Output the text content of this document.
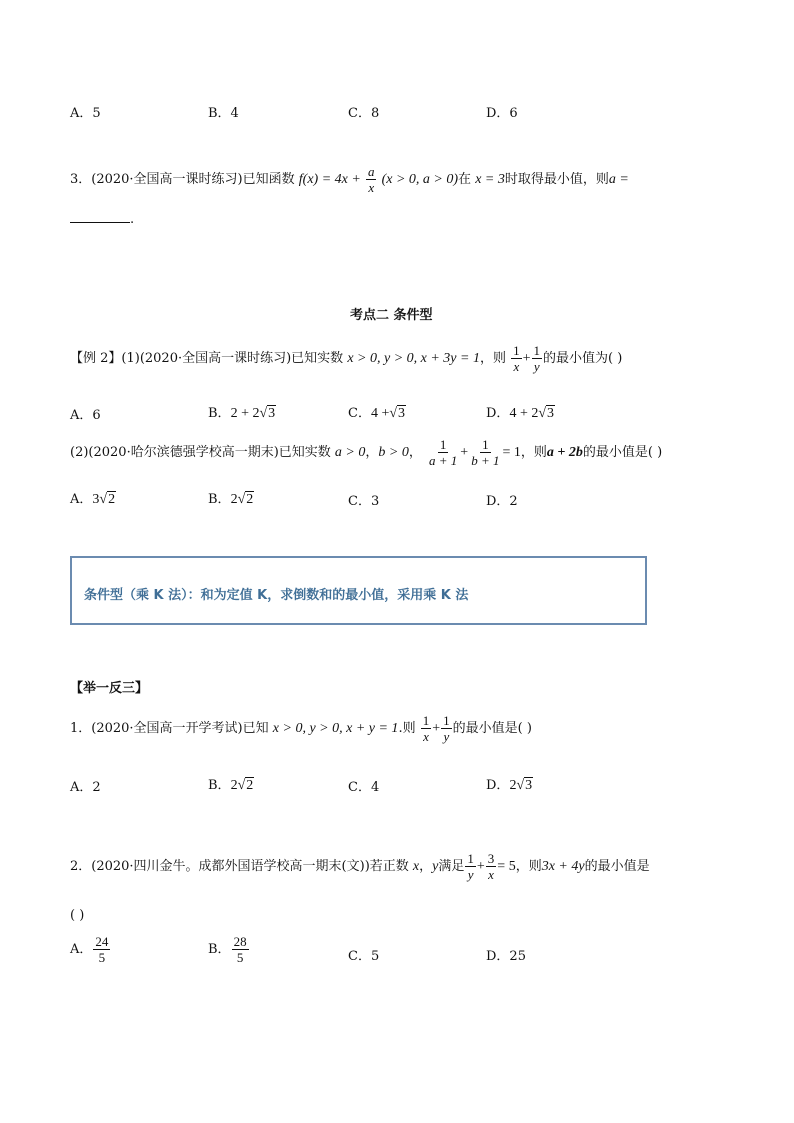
A．5	B．4	C．8	D．6
3．(2020·全国高一课时练习)已知函数 $f(x) = 4x + \frac{a}{x} (x > 0$, a > 0)在 x = 3时取得最小值，则a =
.
考点二 条件型
【例 2】(1)(2020·全国高一课时练习)已知实数 x > 0, y > 0, x + 3y = 1，则 $\frac{1}{x} + \frac{1}{y}$ 的最小值为( )
A．6	B．2 + 2√3	C．4 +√3	D．4 + 2√3
(2)(2020·哈尔滨德强学校高一期末)已知实数 a > 0，b > 0， $\frac{1}{a + 1} + \frac{1}{b + 1} = 1$，则a + 2b的最小值是( )
A．3√2	B．2√2	C．3	D．2
条件型（乘 K 法）：和为定值 K，求倒数和的最小值，采用乘 K 法
【举一反三】
1．(2020·全国高一开学考试)已知 x > 0, y > 0, x + y = 1.则 $\frac{1}{x} + \frac{1}{y}$ 的最小值是( )
A．2	B．2√2	C．4	D．2√3
2．(2020·四川金牛。成都外国语学校高一期末(文))若正数 x，y满足 $\frac{1}{y} + \frac{3}{x} = 5$，则3x + 4y的最小值是
( )
A． $\frac{24}{5}$	B． $\frac{28}{5}$	C．5	D．25
